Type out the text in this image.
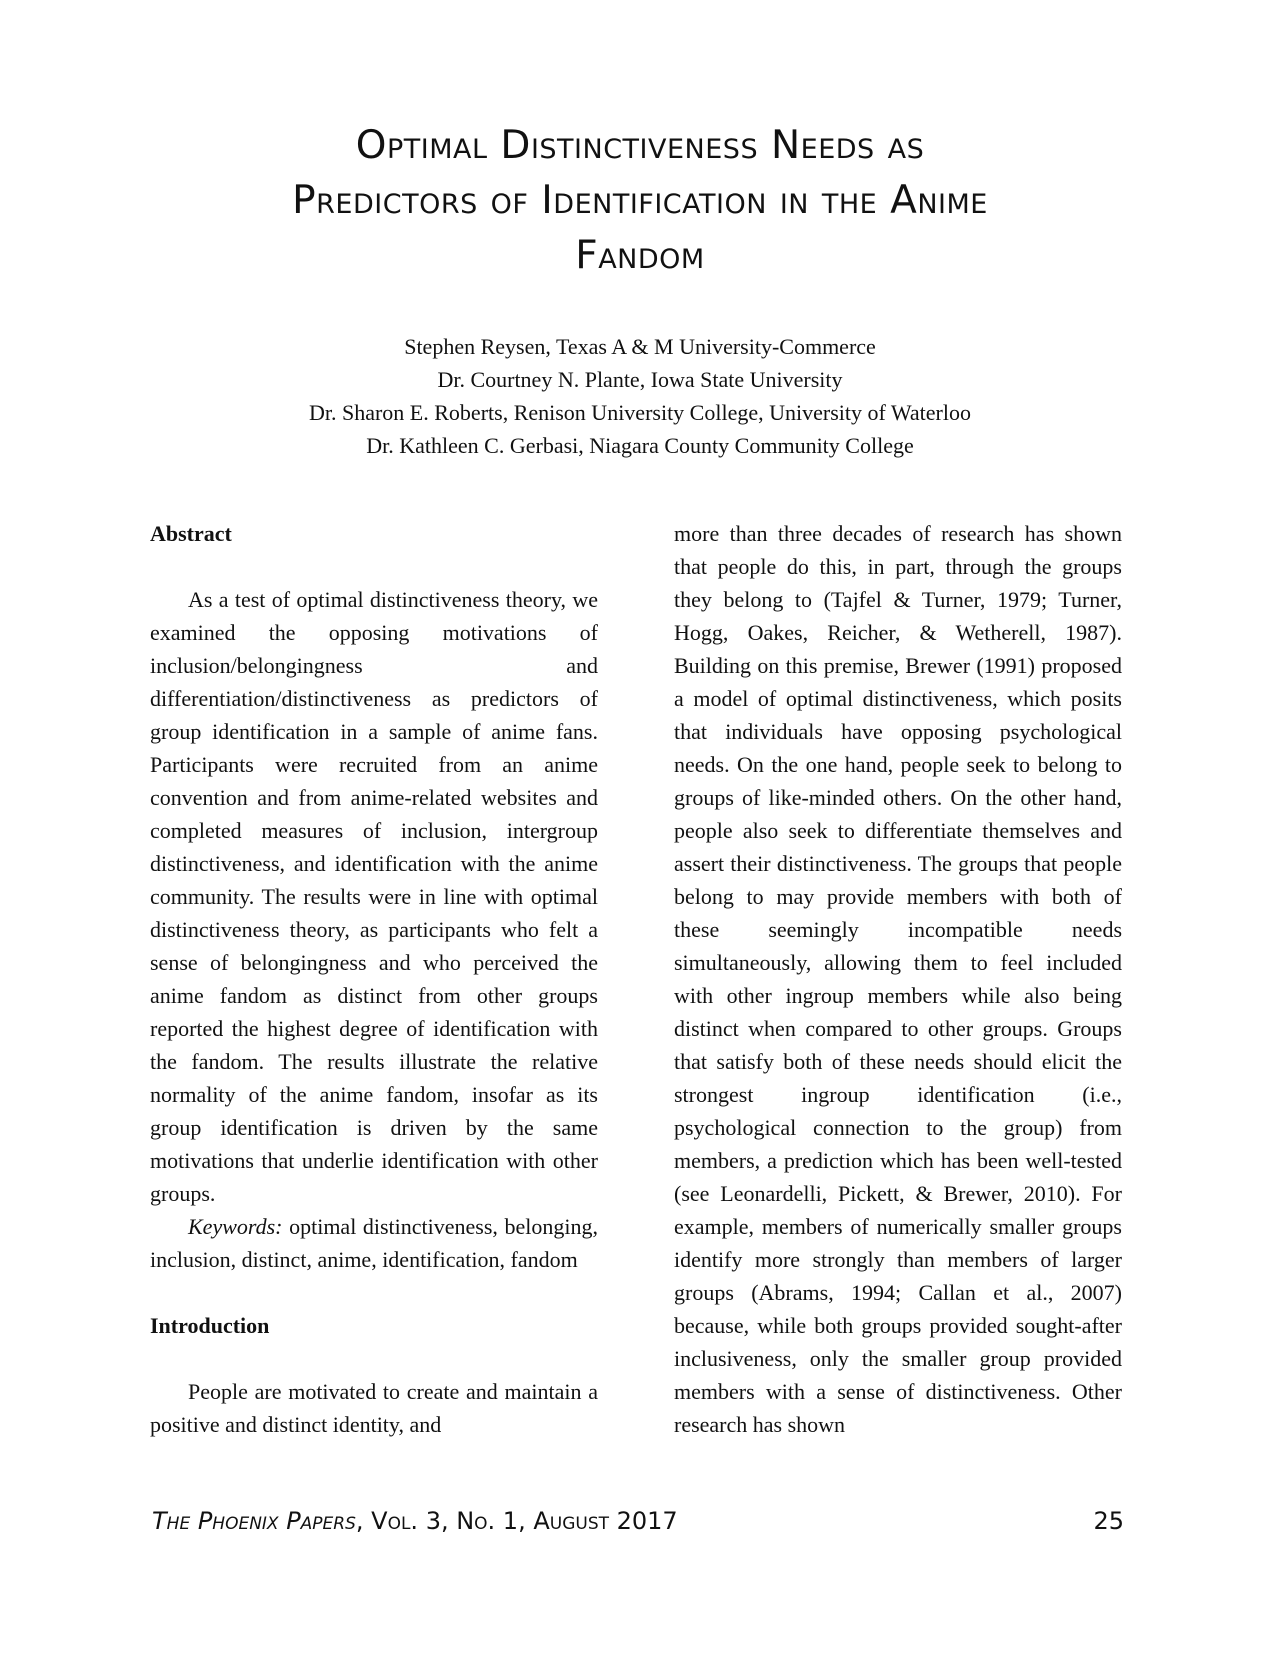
Optimal Distinctiveness Needs as
Predictors of Identification in the Anime
Fandom
Stephen Reysen, Texas A & M University-Commerce
Dr. Courtney N. Plante, Iowa State University
Dr. Sharon E. Roberts, Renison University College, University of Waterloo
Dr. Kathleen C. Gerbasi, Niagara County Community College
Abstract

As a test of optimal distinctiveness theory, we examined the opposing motivations of inclusion/belongingness and differentiation/distinctiveness as predictors of group identification in a sample of anime fans. Participants were recruited from an anime convention and from anime-related websites and completed measures of inclusion, intergroup distinctiveness, and identification with the anime community. The results were in line with optimal distinctiveness theory, as participants who felt a sense of belongingness and who perceived the anime fandom as distinct from other groups reported the highest degree of identification with the fandom. The results illustrate the relative normality of the anime fandom, insofar as its group identification is driven by the same motivations that underlie identification with other groups.

Keywords: optimal distinctiveness, belonging, inclusion, distinct, anime, identification, fandom

Introduction

People are motivated to create and maintain a positive and distinct identity, and

more than three decades of research has shown that people do this, in part, through the groups they belong to (Tajfel & Turner, 1979; Turner, Hogg, Oakes, Reicher, & Wetherell, 1987). Building on this premise, Brewer (1991) proposed a model of optimal distinctiveness, which posits that individuals have opposing psychological needs. On the one hand, people seek to belong to groups of like-minded others. On the other hand, people also seek to differentiate themselves and assert their distinctiveness. The groups that people belong to may provide members with both of these seemingly incompatible needs simultaneously, allowing them to feel included with other ingroup members while also being distinct when compared to other groups. Groups that satisfy both of these needs should elicit the strongest ingroup identification (i.e., psychological connection to the group) from members, a prediction which has been well-tested (see Leonardelli, Pickett, & Brewer, 2010). For example, members of numerically smaller groups identify more strongly than members of larger groups (Abrams, 1994; Callan et al., 2007) because, while both groups provided sought-after inclusiveness, only the smaller group provided members with a sense of distinctiveness. Other research has shown

The Phoenix Papers, Vol. 3, No. 1, August 2017	25
